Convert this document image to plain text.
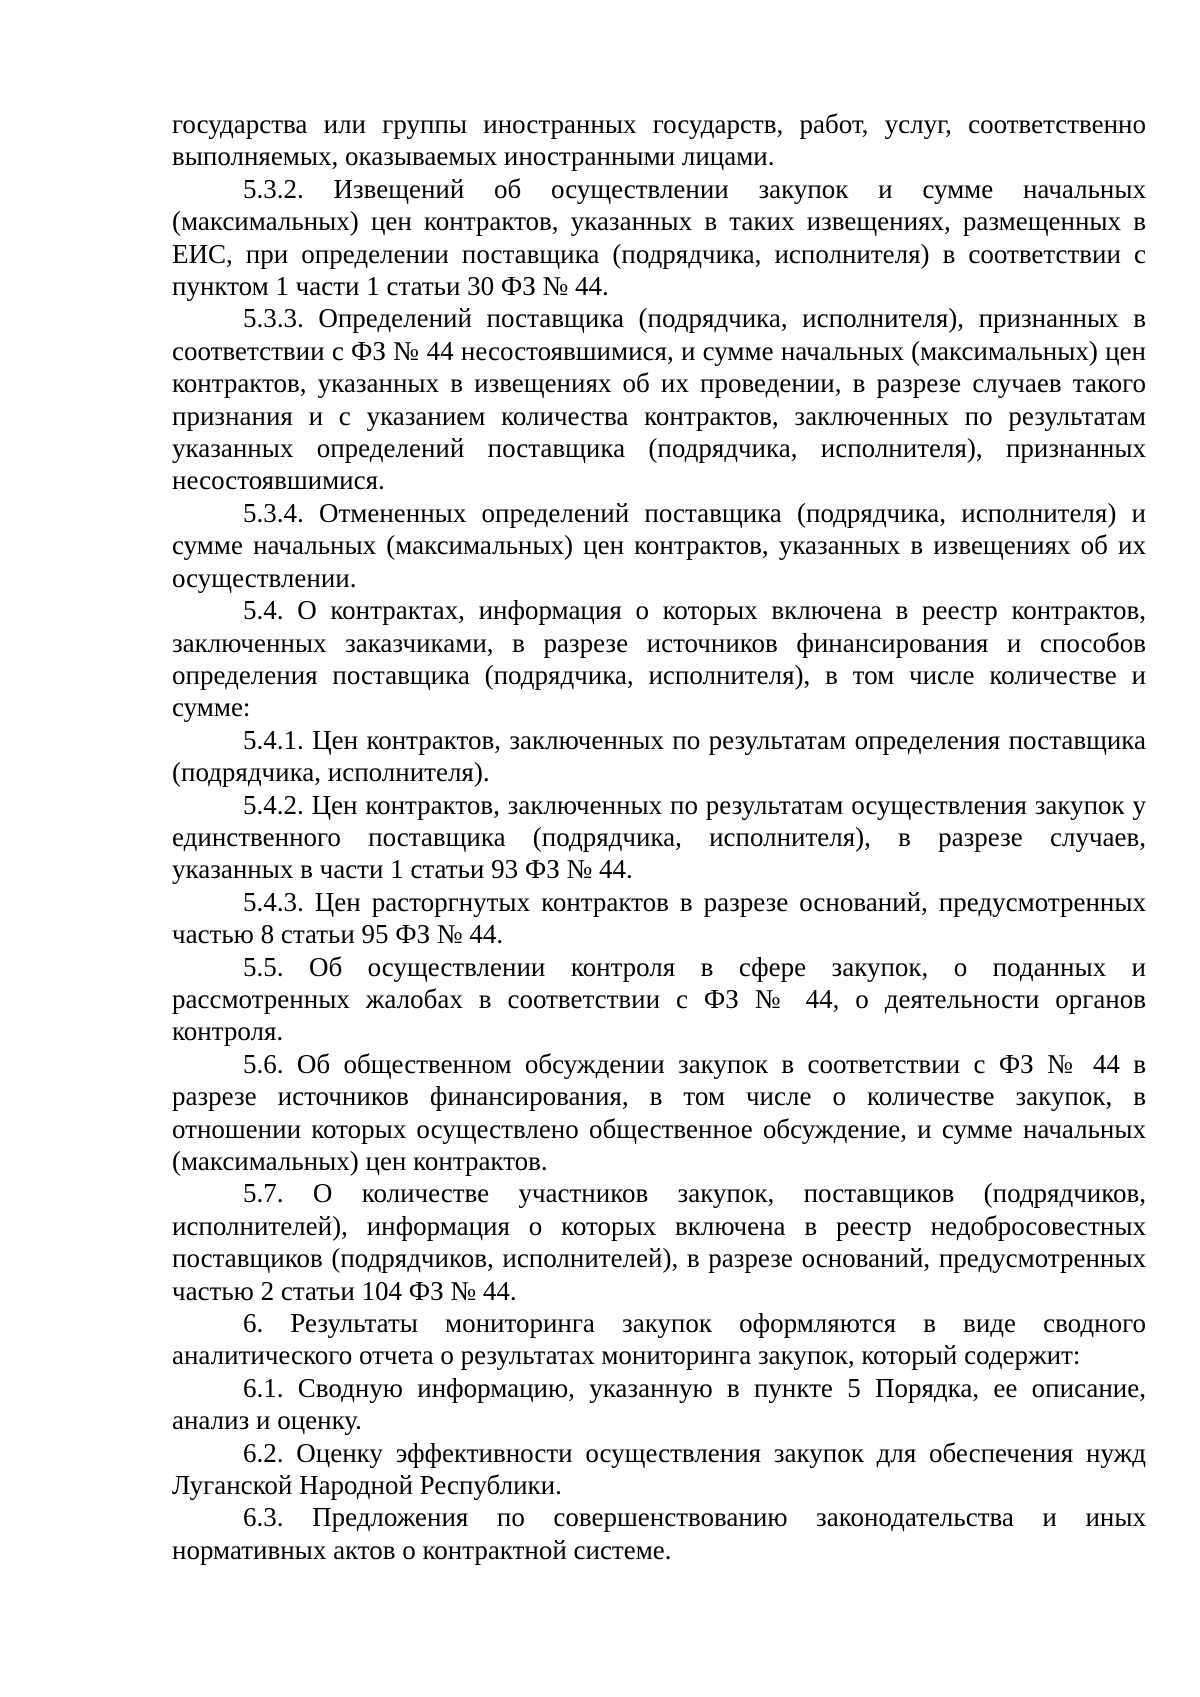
государства или группы иностранных государств, работ, услуг, соответственно выполняемых, оказываемых иностранными лицами.

5.3.2. Извещений об осуществлении закупок и сумме начальных (максимальных) цен контрактов, указанных в таких извещениях, размещенных в ЕИС, при определении поставщика (подрядчика, исполнителя) в соответствии с пунктом 1 части 1 статьи 30 ФЗ № 44.

5.3.3. Определений поставщика (подрядчика, исполнителя), признанных в соответствии с ФЗ № 44 несостоявшимися, и сумме начальных (максимальных) цен контрактов, указанных в извещениях об их проведении, в разрезе случаев такого признания и с указанием количества контрактов, заключенных по результатам указанных определений поставщика (подрядчика, исполнителя), признанных несостоявшимися.

5.3.4. Отмененных определений поставщика (подрядчика, исполнителя) и сумме начальных (максимальных) цен контрактов, указанных в извещениях об их осуществлении.

5.4. О контрактах, информация о которых включена в реестр контрактов, заключенных заказчиками, в разрезе источников финансирования и способов определения поставщика (подрядчика, исполнителя), в том числе количестве и сумме:

5.4.1. Цен контрактов, заключенных по результатам определения поставщика (подрядчика, исполнителя).

5.4.2. Цен контрактов, заключенных по результатам осуществления закупок у единственного поставщика (подрядчика, исполнителя), в разрезе случаев, указанных в части 1 статьи 93 ФЗ № 44.

5.4.3. Цен расторгнутых контрактов в разрезе оснований, предусмотренных частью 8 статьи 95 ФЗ № 44.

5.5. Об осуществлении контроля в сфере закупок, о поданных и рассмотренных жалобах в соответствии с ФЗ № 44, о деятельности органов контроля.

5.6. Об общественном обсуждении закупок в соответствии с ФЗ № 44 в разрезе источников финансирования, в том числе о количестве закупок, в отношении которых осуществлено общественное обсуждение, и сумме начальных (максимальных) цен контрактов.

5.7. О количестве участников закупок, поставщиков (подрядчиков, исполнителей), информация о которых включена в реестр недобросовестных поставщиков (подрядчиков, исполнителей), в разрезе оснований, предусмотренных частью 2 статьи 104 ФЗ № 44.

6. Результаты мониторинга закупок оформляются в виде сводного аналитического отчета о результатах мониторинга закупок, который содержит:

6.1. Сводную информацию, указанную в пункте 5 Порядка, ее описание, анализ и оценку.

6.2. Оценку эффективности осуществления закупок для обеспечения нужд Луганской Народной Республики.

6.3. Предложения по совершенствованию законодательства и иных нормативных актов о контрактной системе.
